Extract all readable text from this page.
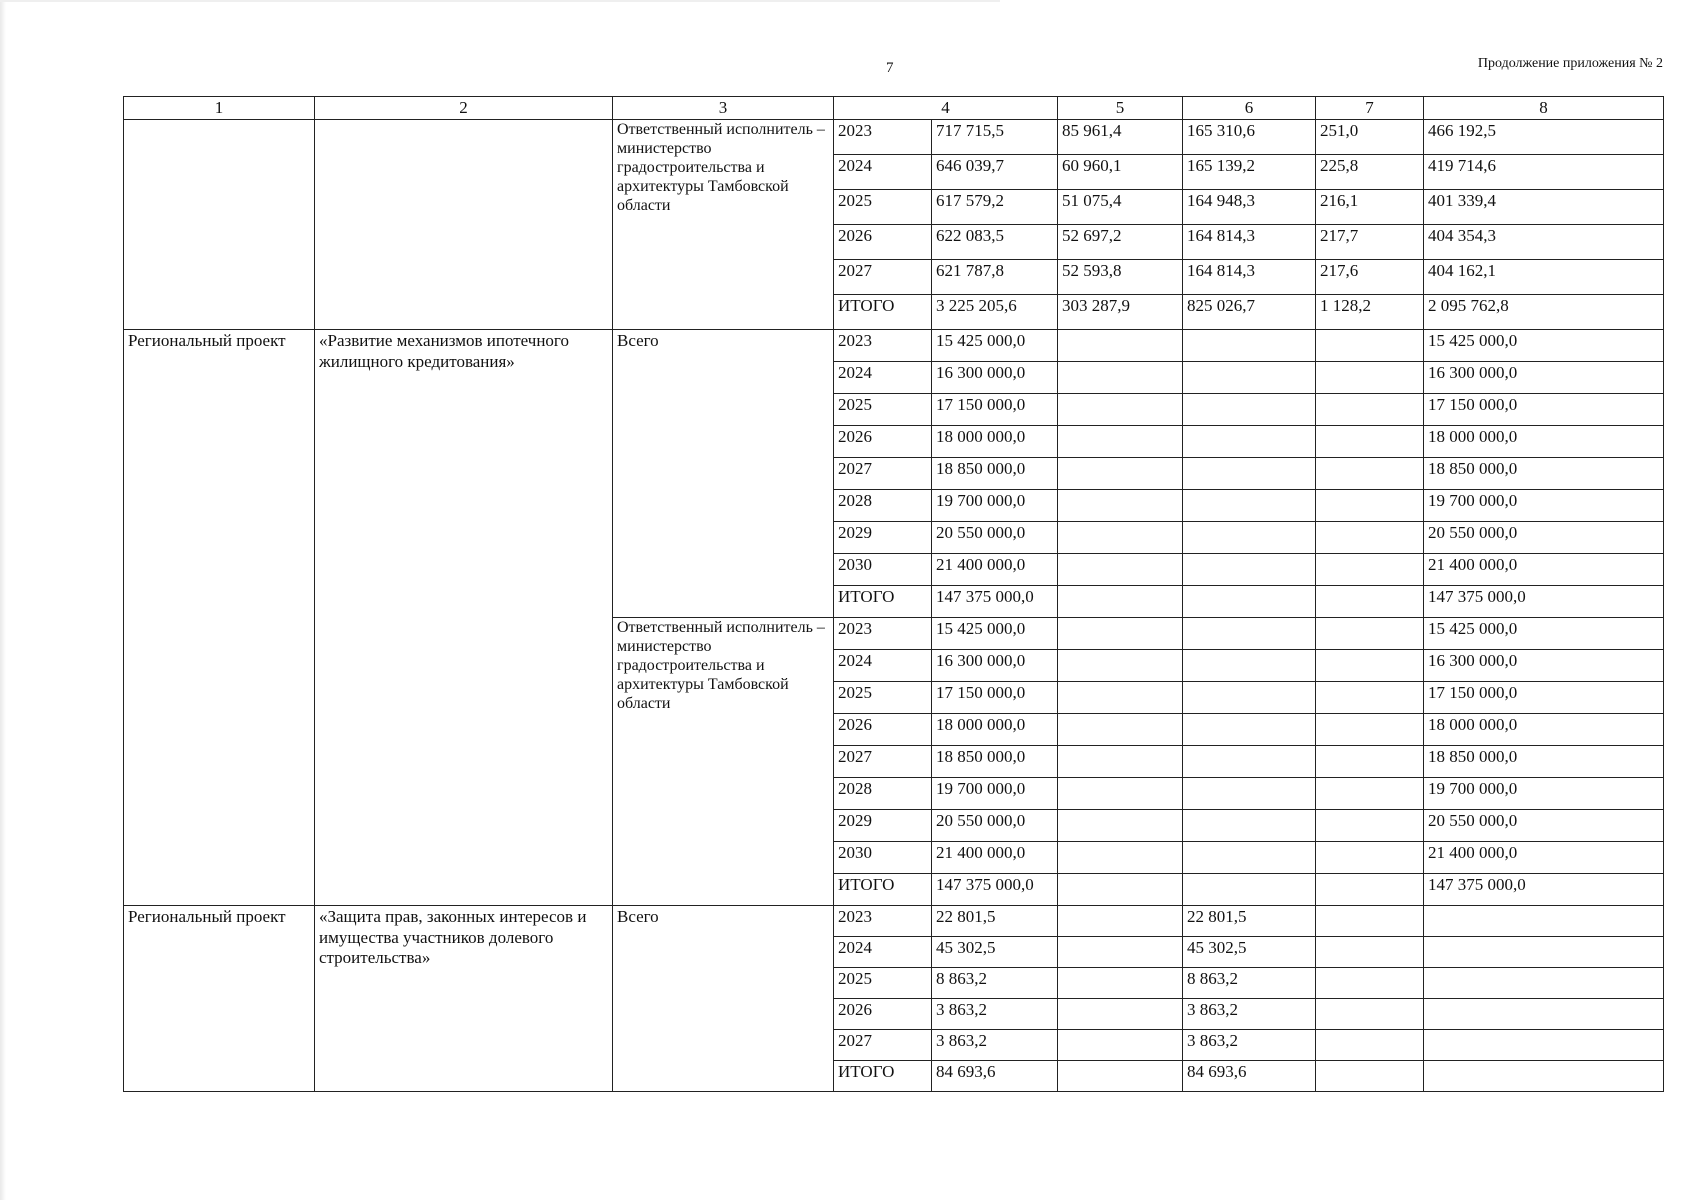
7	Продолжение приложения № 2
1	2	3	4		5	6	7	8
		Ответственный исполнитель – министерство градостроительства и архитектуры Тамбовской области	2023	717 715,5	85 961,4	165 310,6	251,0	466 192,5
			2024	646 039,7	60 960,1	165 139,2	225,8	419 714,6
			2025	617 579,2	51 075,4	164 948,3	216,1	401 339,4
			2026	622 083,5	52 697,2	164 814,3	217,7	404 354,3
			2027	621 787,8	52 593,8	164 814,3	217,6	404 162,1
			ИТОГО	3 225 205,6	303 287,9	825 026,7	1 128,2	2 095 762,8
Региональный проект	«Развитие механизмов ипотечного жилищного кредитования»	Всего	2023	15 425 000,0				15 425 000,0
			2024	16 300 000,0				16 300 000,0
			2025	17 150 000,0				17 150 000,0
			2026	18 000 000,0				18 000 000,0
			2027	18 850 000,0				18 850 000,0
			2028	19 700 000,0				19 700 000,0
			2029	20 550 000,0				20 550 000,0
			2030	21 400 000,0				21 400 000,0
			ИТОГО	147 375 000,0				147 375 000,0
		Ответственный исполнитель – министерство градостроительства и архитектуры Тамбовской области	2023	15 425 000,0				15 425 000,0
			2024	16 300 000,0				16 300 000,0
			2025	17 150 000,0				17 150 000,0
			2026	18 000 000,0				18 000 000,0
			2027	18 850 000,0				18 850 000,0
			2028	19 700 000,0				19 700 000,0
			2029	20 550 000,0				20 550 000,0
			2030	21 400 000,0				21 400 000,0
			ИТОГО	147 375 000,0				147 375 000,0
Региональный проект	«Защита прав, законных интересов и имущества участников долевого строительства»	Всего	2023	22 801,5		22 801,5		
			2024	45 302,5		45 302,5		
			2025	8 863,2		8 863,2		
			2026	3 863,2		3 863,2		
			2027	3 863,2		3 863,2		
			ИТОГО	84 693,6		84 693,6		
